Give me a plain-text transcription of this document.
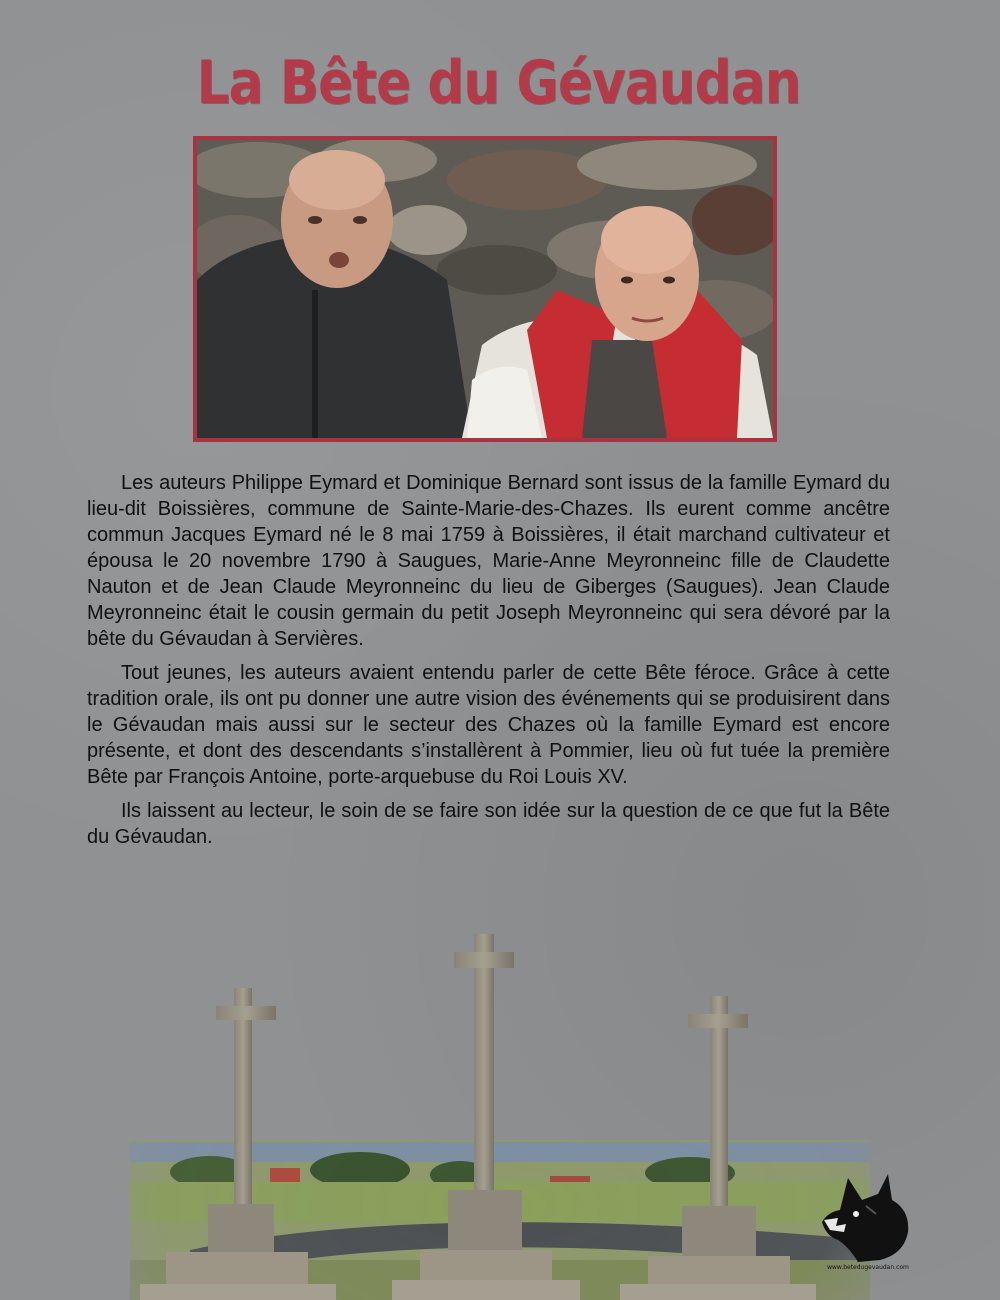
La Bête du Gévaudan

Les auteurs Philippe Eymard et Dominique Bernard sont issus de la famille Eymard du lieu-dit Boissières, commune de Sainte-Marie-des-Chazes. Ils eurent comme ancêtre commun Jacques Eymard né le 8 mai 1759 à Boissières, il était marchand cultivateur et épousa le 20 novembre 1790 à Saugues, Marie-Anne Meyronneinc fille de Claudette Nauton et de Jean Claude Meyronneinc du lieu de Giberges (Saugues). Jean Claude Meyronneinc était le cousin germain du petit Joseph Meyronneinc qui sera dévoré par la bête du Gévaudan à Servières.

Tout jeunes, les auteurs avaient entendu parler de cette Bête féroce. Grâce à cette tradition orale, ils ont pu donner une autre vision des événements qui se produisirent dans le Gévaudan mais aussi sur le secteur des Chazes où la famille Eymard est encore présente, et dont des descendants s’installèrent à Pommier, lieu où fut tuée la première Bête par François Antoine, porte-arquebuse du Roi Louis XV.

Ils laissent au lecteur, le soin de se faire son idée sur la question de ce que fut la Bête du Gévaudan.

www.betedugevaudan.com
